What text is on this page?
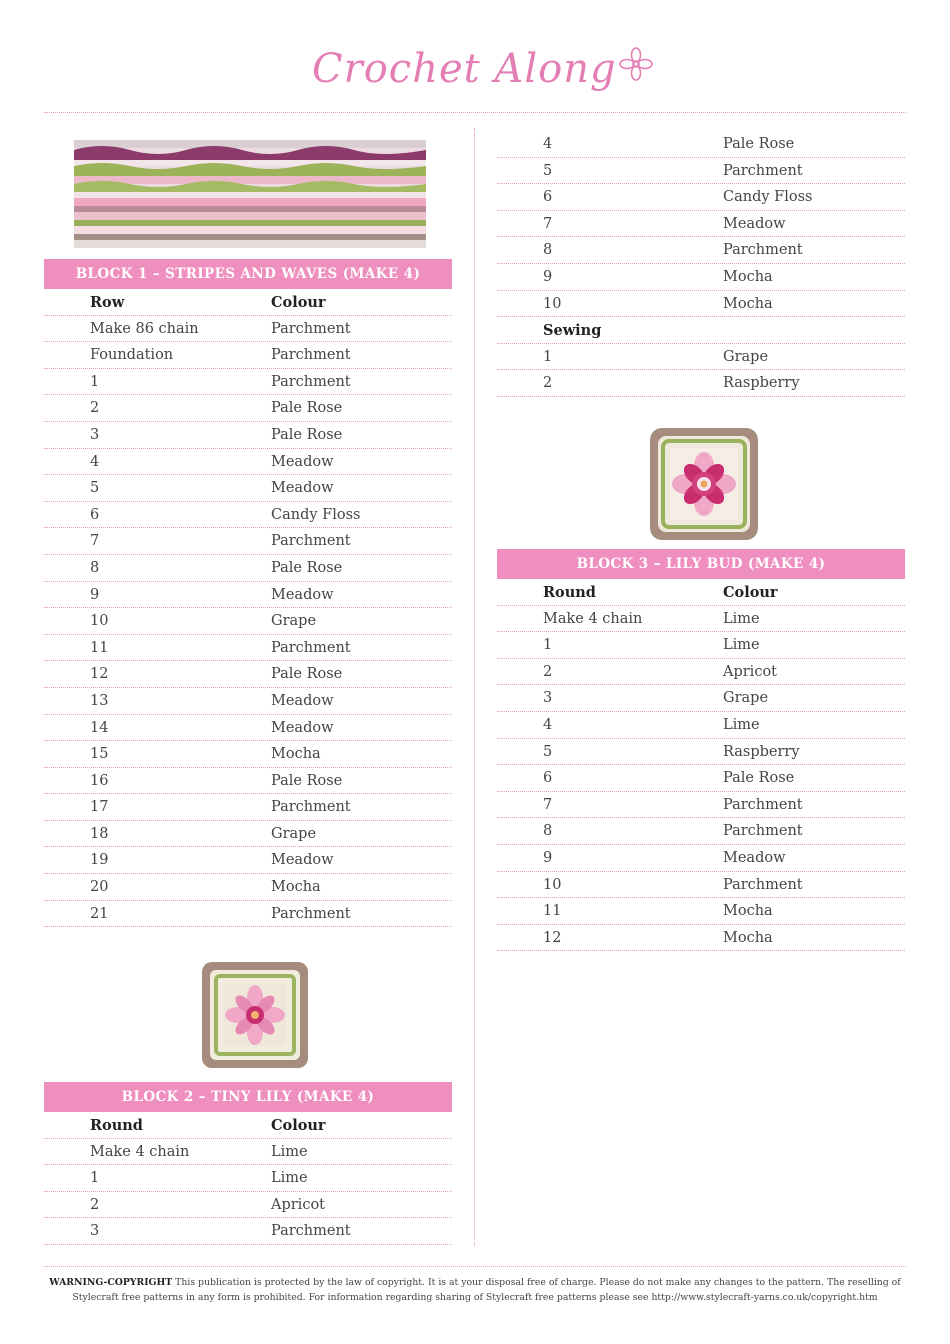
Crochet Along
BLOCK 1 – STRIPES AND WAVES (MAKE 4)
Row	Colour
Make 86 chain	Parchment
Foundation	Parchment
1	Parchment
2	Pale Rose
3	Pale Rose
4	Meadow
5	Meadow
6	Candy Floss
7	Parchment
8	Pale Rose
9	Meadow
10	Grape
11	Parchment
12	Pale Rose
13	Meadow
14	Meadow
15	Mocha
16	Pale Rose
17	Parchment
18	Grape
19	Meadow
20	Mocha
21	Parchment
BLOCK 2 – TINY LILY (MAKE 4)
Round	Colour
Make 4 chain	Lime
1	Lime
2	Apricot
3	Parchment
4	Pale Rose
5	Parchment
6	Candy Floss
7	Meadow
8	Parchment
9	Mocha
10	Mocha
Sewing
1	Grape
2	Raspberry
BLOCK 3 – LILY BUD (MAKE 4)
Round	Colour
Make 4 chain	Lime
1	Lime
2	Apricot
3	Grape
4	Lime
5	Raspberry
6	Pale Rose
7	Parchment
8	Parchment
9	Meadow
10	Parchment
11	Mocha
12	Mocha
WARNING-COPYRIGHT This publication is protected by the law of copyright. It is at your disposal free of charge. Please do not make any changes to the pattern. The reselling of Stylecraft free patterns in any form is prohibited. For information regarding sharing of Stylecraft free patterns please see http://www.stylecraft-yarns.co.uk/copyright.htm
